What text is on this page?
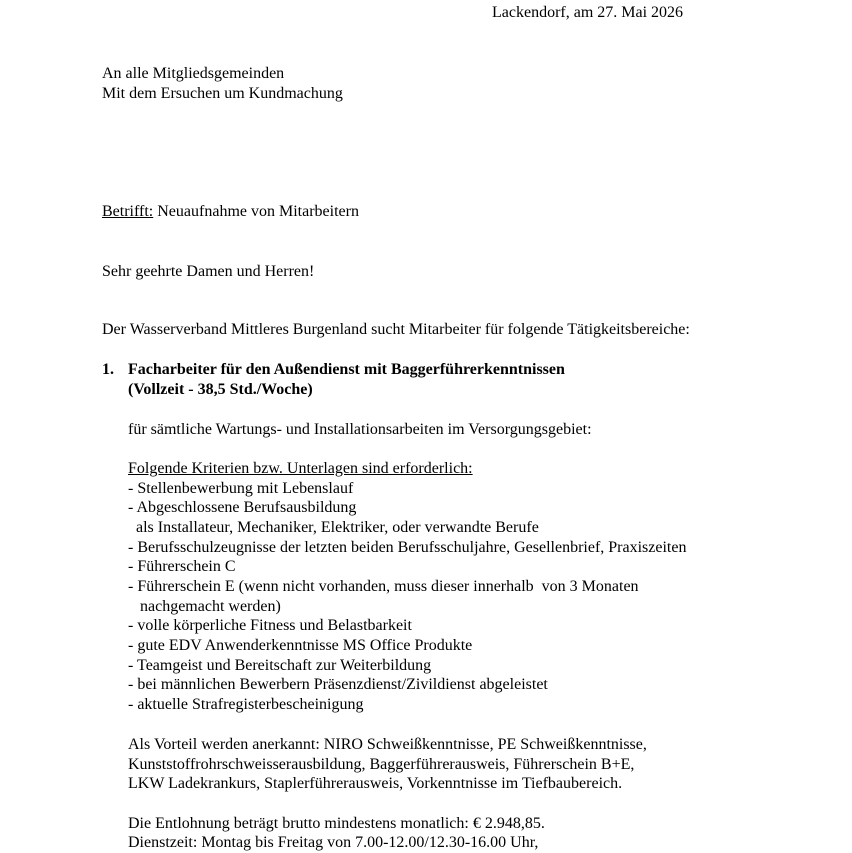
Lackendorf, am 27. Mai 2026
An alle Mitgliedsgemeinden
Mit dem Ersuchen um Kundmachung
Betrifft: Neuaufnahme von Mitarbeitern
Sehr geehrte Damen und Herren!
Der Wasserverband Mittleres Burgenland sucht Mitarbeiter für folgende Tätigkeitsbereiche:
1. Facharbeiter für den Außendienst mit Baggerführerkenntnissen
(Vollzeit - 38,5 Std./Woche)
für sämtliche Wartungs- und Installationsarbeiten im Versorgungsgebiet:
Folgende Kriterien bzw. Unterlagen sind erforderlich:
- Stellenbewerbung mit Lebenslauf
- Abgeschlossene Berufsausbildung
als Installateur, Mechaniker, Elektriker, oder verwandte Berufe
- Berufsschulzeugnisse der letzten beiden Berufsschuljahre, Gesellenbrief, Praxiszeiten
- Führerschein C
- Führerschein E (wenn nicht vorhanden, muss dieser innerhalb  von 3 Monaten
nachgemacht werden)
- volle körperliche Fitness und Belastbarkeit
- gute EDV Anwenderkenntnisse MS Office Produkte
- Teamgeist und Bereitschaft zur Weiterbildung
- bei männlichen Bewerbern Präsenzdienst/Zivildienst abgeleistet
- aktuelle Strafregisterbescheinigung
Als Vorteil werden anerkannt: NIRO Schweißkenntnisse, PE Schweißkenntnisse,
Kunststoffrohrschweisserausbildung, Baggerführerausweis, Führerschein B+E,
LKW Ladekrankurs, Staplerführerausweis, Vorkenntnisse im Tiefbaubereich.
Die Entlohnung beträgt brutto mindestens monatlich: € 2.948,85.
Dienstzeit: Montag bis Freitag von 7.00-12.00/12.30-16.00 Uhr,
